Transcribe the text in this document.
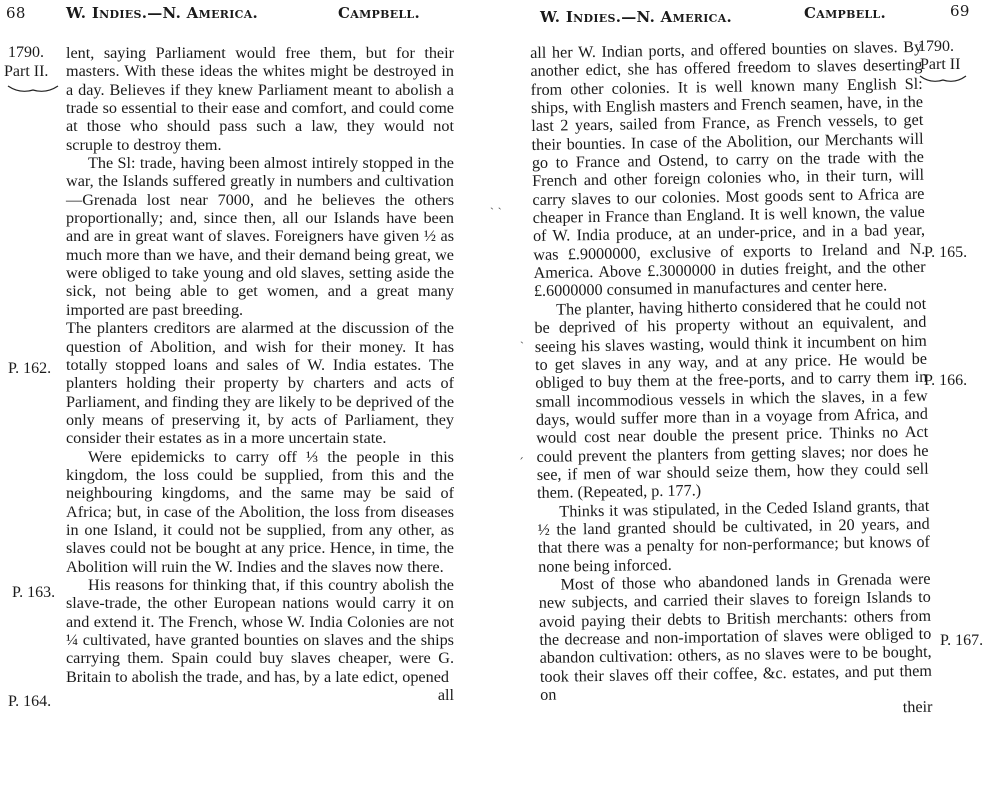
68	W. Indies.—N. America.	Campbell.
1790.
Part II.
P. 162.
P. 163.
P. 164.

lent, saying Parliament would free them, but for their masters. With these ideas the whites might be destroyed in a day. Believes if they knew Parliament meant to abolish a trade so essential to their ease and comfort, and could come at those who should pass such a law, they would not scruple to destroy them.

The Sl: trade, having been almost intirely stopped in the war, the Islands suffered greatly in numbers and cultivation—Grenada lost near 7000, and he believes the others proportionally; and, since then, all our Islands have been and are in great want of slaves. Foreigners have given ½ as much more than we have, and their demand being great, we were obliged to take young and old slaves, setting aside the sick, not being able to get women, and a great many imported are past breeding.

The planters creditors are alarmed at the discussion of the question of Abolition, and wish for their money. It has totally stopped loans and sales of W. India estates. The planters holding their property by charters and acts of Parliament, and finding they are likely to be deprived of the only means of preserving it, by acts of Parliament, they consider their estates as in a more uncertain state.

Were epidemicks to carry off ⅓ the people in this kingdom, the loss could be supplied, from this and the neighbouring kingdoms, and the same may be said of Africa; but, in case of the Abolition, the loss from diseases in one Island, it could not be supplied, from any other, as slaves could not be bought at any price. Hence, in time, the Abolition will ruin the W. Indies and the slaves now there.

His reasons for thinking that, if this country abolish the slave-trade, the other European nations would carry it on and extend it. The French, whose W. India Colonies are not ¼ cultivated, have granted bounties on slaves and the ships carrying them. Spain could buy slaves cheaper, were G. Britain to abolish the trade, and has, by a late edict, opened

all

W. Indies.—N. America.	Campbell.	69
1790.
Part II
P. 165.
P. 166.
P. 167.
ˎ ˏ
ˏ
ˊ

all her W. Indian ports, and offered bounties on slaves. By another edict, she has offered freedom to slaves deserting from other colonies. It is well known many English Sl: ships, with English masters and French seamen, have, in the last 2 years, sailed from France, as French vessels, to get their bounties. In case of the Abolition, our Merchants will go to France and Ostend, to carry on the trade with the French and other foreign colonies who, in their turn, will carry slaves to our colonies. Most goods sent to Africa are cheaper in France than England. It is well known, the value of W. India produce, at an under-price, and in a bad year, was £.9000000, exclusive of exports to Ireland and N. America. Above £.3000000 in duties freight, and the other £.6000000 consumed in manufactures and center here.

The planter, having hitherto considered that he could not be deprived of his property without an equivalent, and seeing his slaves wasting, would think it incumbent on him to get slaves in any way, and at any price. He would be obliged to buy them at the free-ports, and to carry them in small incommodious vessels in which the slaves, in a few days, would suffer more than in a voyage from Africa, and would cost near double the present price. Thinks no Act could prevent the planters from getting slaves; nor does he see, if men of war should seize them, how they could sell them. (Repeated, p. 177.)

Thinks it was stipulated, in the Ceded Island grants, that ½ the land granted should be cultivated, in 20 years, and that there was a penalty for non-performance; but knows of none being inforced.

Most of those who abandoned lands in Grenada were new subjects, and carried their slaves to foreign Islands to avoid paying their debts to British merchants: others from the decrease and non-importation of slaves were obliged to abandon cultivation: others, as no slaves were to be bought, took their slaves off their coffee, &c. estates, and put them on

their
